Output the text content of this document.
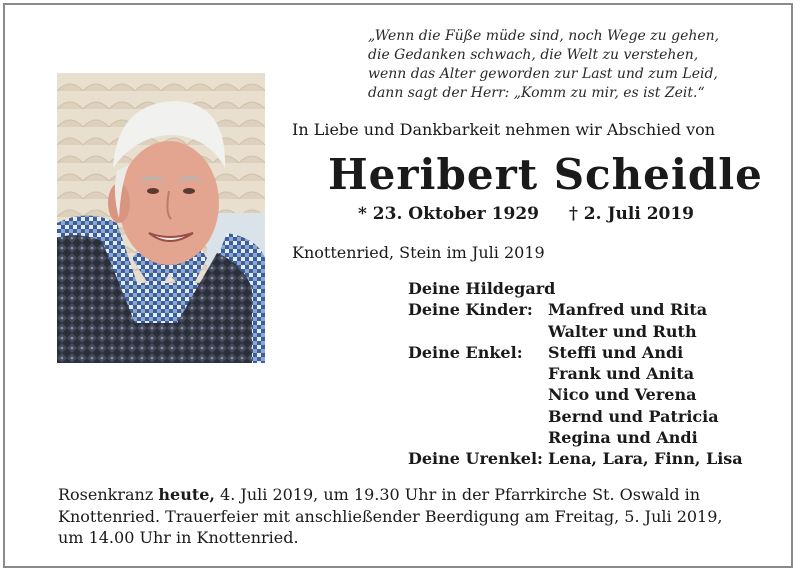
„Wenn die Füße müde sind, noch Wege zu gehen,
die Gedanken schwach, die Welt zu verstehen,
wenn das Alter geworden zur Last und zum Leid,
dann sagt der Herr: „Komm zu mir, es ist Zeit.“
In Liebe und Dankbarkeit nehmen wir Abschied von
Heribert Scheidle
* 23. Oktober 1929 † 2. Juli 2019
Knottenried, Stein im Juli 2019
Deine Hildegard
Deine Kinder: Manfred und Rita
Walter und Ruth
Deine Enkel:	Steffi und Andi
Frank und Anita
Nico und Verena
Bernd und Patricia
Regina und Andi
Deine Urenkel: Lena, Lara, Finn, Lisa
Rosenkranz heute, 4. Juli 2019, um 19.30 Uhr in der Pfarrkirche St. Oswald in
Knottenried. Trauerfeier mit anschließender Beerdigung am Freitag, 5. Juli 2019,
um 14.00 Uhr in Knottenried.
